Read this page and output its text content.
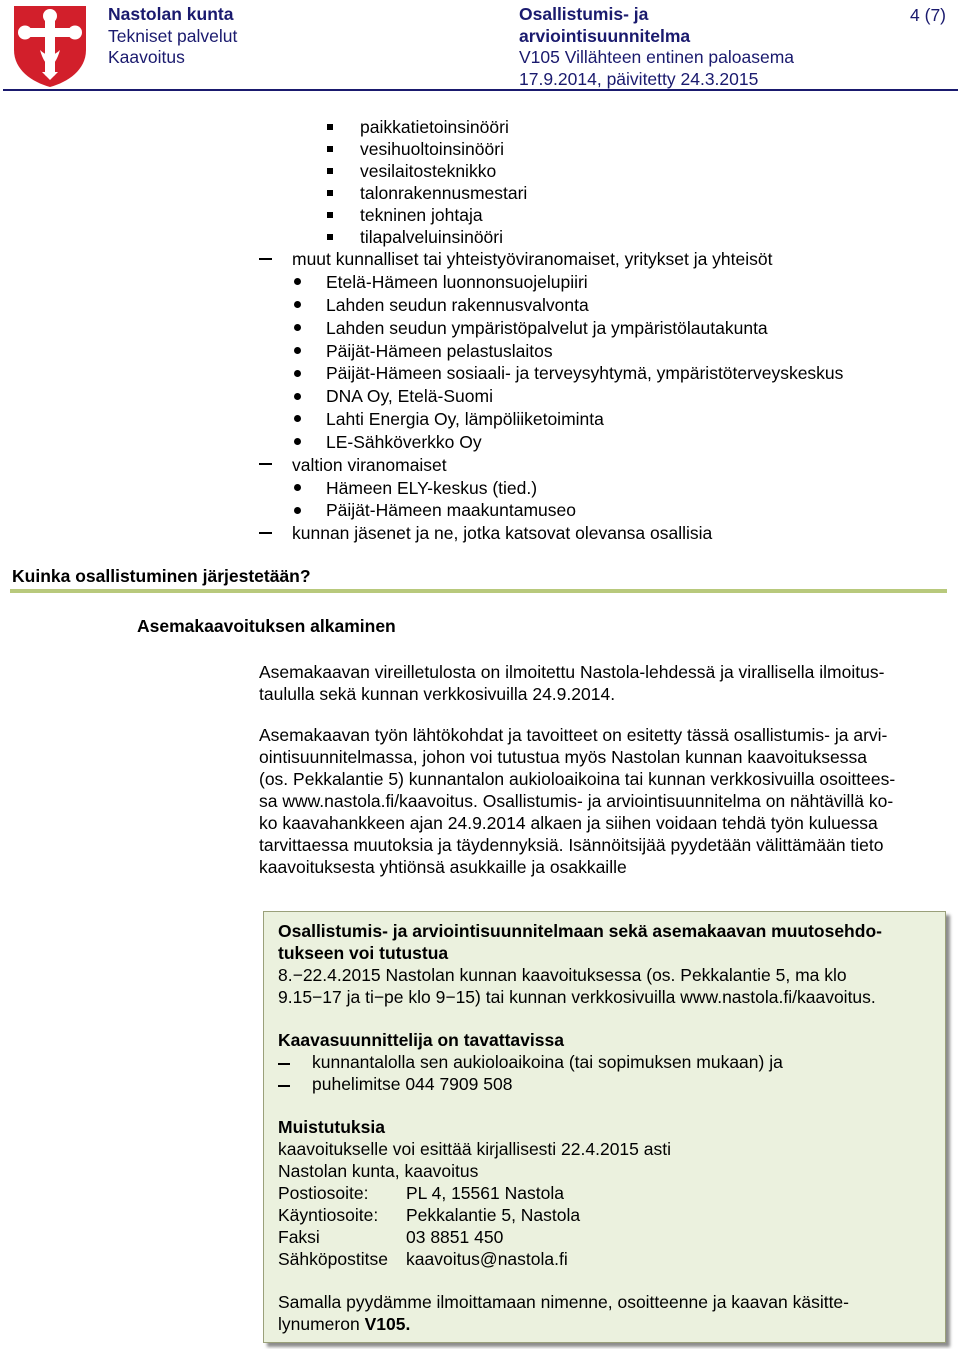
Nastolan kunta
Tekniset palvelut
Kaavoitus
Osallistumis- ja
arviointisuunnitelma
V105 Villähteen entinen paloasema
17.9.2014, päivitetty 24.3.2015
4 (7)
paikkatietoinsinööri
vesihuoltoinsinööri
vesilaitosteknikko
talonrakennusmestari
tekninen johtaja
tilapalveluinsinööri
muut kunnalliset tai yhteistyöviranomaiset, yritykset ja yhteisöt
Etelä-Hämeen luonnonsuojelupiiri
Lahden seudun rakennusvalvonta
Lahden seudun ympäristöpalvelut ja ympäristölautakunta
Päijät-Hämeen pelastuslaitos
Päijät-Hämeen sosiaali- ja terveysyhtymä, ympäristöterveyskeskus
DNA Oy, Etelä-Suomi
Lahti Energia Oy, lämpöliiketoiminta
LE-Sähköverkko Oy
valtion viranomaiset
Hämeen ELY-keskus (tied.)
Päijät-Hämeen maakuntamuseo
kunnan jäsenet ja ne, jotka katsovat olevansa osallisia
Kuinka osallistuminen järjestetään?
Asemakaavoituksen alkaminen
Asemakaavan vireilletulosta on ilmoitettu Nastola-lehdessä ja virallisella ilmoitus-
taululla sekä kunnan verkkosivuilla 24.9.2014.
Asemakaavan työn lähtökohdat ja tavoitteet on esitetty tässä osallistumis- ja arvi-
ointisuunnitelmassa, johon voi tutustua myös Nastolan kunnan kaavoituksessa
(os. Pekkalantie 5) kunnantalon aukioloaikoina tai kunnan verkkosivuilla osoittees-
sa www.nastola.fi/kaavoitus. Osallistumis- ja arviointisuunnitelma on nähtävillä ko-
ko kaavahankkeen ajan 24.9.2014 alkaen ja siihen voidaan tehdä työn kuluessa
tarvittaessa muutoksia ja täydennyksiä. Isännöitsijää pyydetään välittämään tieto
kaavoituksesta yhtiönsä asukkaille ja osakkaille
Osallistumis- ja arviointisuunnitelmaan sekä asemakaavan muutosehdo-
tukseen voi tutustua
8.−22.4.2015 Nastolan kunnan kaavoituksessa (os. Pekkalantie 5, ma klo
9.15−17 ja ti−pe klo 9−15) tai kunnan verkkosivuilla www.nastola.fi/kaavoitus.
Kaavasuunnittelija on tavattavissa
kunnantalolla sen aukioloaikoina (tai sopimuksen mukaan) ja
puhelimitse 044 7909 508
Muistutuksia
kaavoitukselle voi esittää kirjallisesti 22.4.2015 asti
Nastolan kunta, kaavoitus
Postiosoite: PL 4, 15561 Nastola
Käyntiosoite: Pekkalantie 5, Nastola
Faksi	03 8851 450
Sähköpostitse kaavoitus@nastola.fi
Samalla pyydämme ilmoittamaan nimenne, osoitteenne ja kaavan käsitte-
lynumeron V105.
